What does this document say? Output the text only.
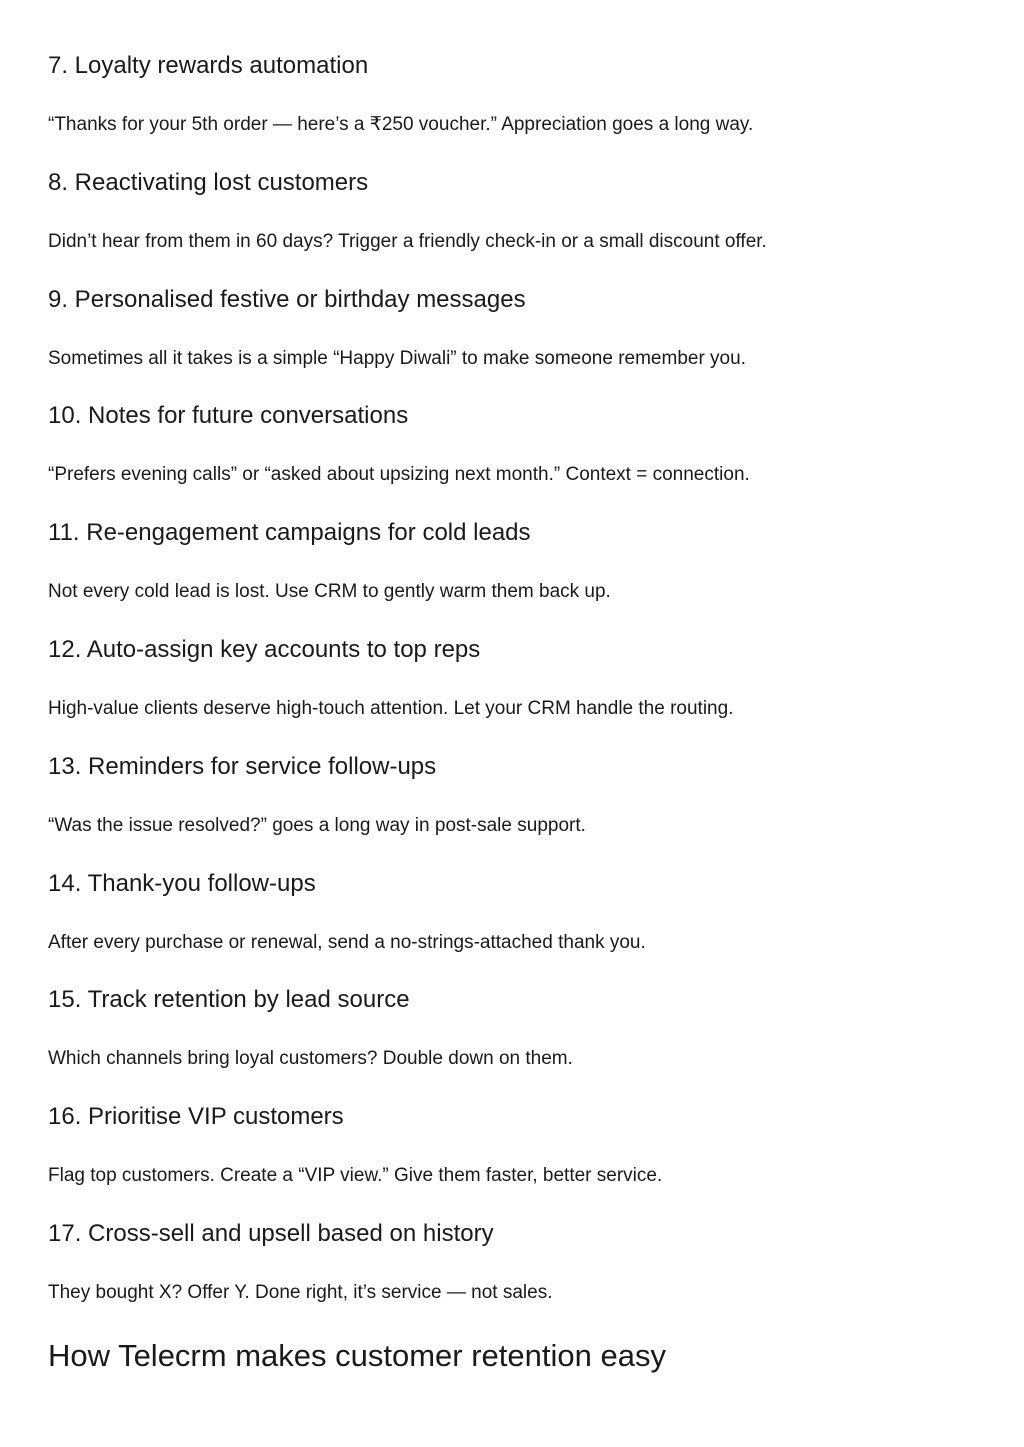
7. Loyalty rewards automation

“Thanks for your 5th order — here’s a ₹250 voucher.” Appreciation goes a long way.

8. Reactivating lost customers

Didn’t hear from them in 60 days? Trigger a friendly check-in or a small discount offer.

9. Personalised festive or birthday messages

Sometimes all it takes is a simple “Happy Diwali” to make someone remember you.

10. Notes for future conversations

“Prefers evening calls” or “asked about upsizing next month.” Context = connection.

11. Re-engagement campaigns for cold leads

Not every cold lead is lost. Use CRM to gently warm them back up.

12. Auto-assign key accounts to top reps

High-value clients deserve high-touch attention. Let your CRM handle the routing.

13. Reminders for service follow-ups

“Was the issue resolved?” goes a long way in post-sale support.

14. Thank-you follow-ups

After every purchase or renewal, send a no-strings-attached thank you.

15. Track retention by lead source

Which channels bring loyal customers? Double down on them.

16. Prioritise VIP customers

Flag top customers. Create a “VIP view.” Give them faster, better service.

17. Cross-sell and upsell based on history

They bought X? Offer Y. Done right, it’s service — not sales.

How Telecrm makes customer retention easy
